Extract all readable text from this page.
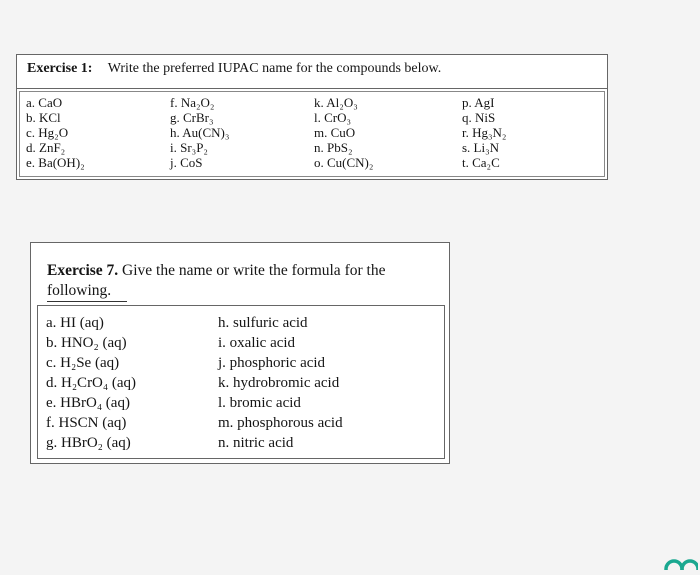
Exercise 1: Write the preferred IUPAC name for the compounds below.
a. CaO
b. KCl
c. Hg₂O
d. ZnF₂
e. Ba(OH)₂
f. Na₂O₂
g. CrBr₃
h. Au(CN)₃
i. Sr₃P₂
j. CoS
k. Al₂O₃
l. CrO₃
m. CuO
n. PbS₂
o. Cu(CN)₂
p. AgI
q. NiS
r. Hg₃N₂
s. Li₃N
t. Ca₂C
Exercise 7. Give the name or write the formula for the following.
a. HI (aq)
b. HNO₂ (aq)
c. H₂Se (aq)
d. H₂CrO₄ (aq)
e. HBrO₄ (aq)
f. HSCN (aq)
g. HBrO₂ (aq)
h. sulfuric acid
i. oxalic acid
j. phosphoric acid
k. hydrobromic acid
l. bromic acid
m. phosphorous acid
n. nitric acid
